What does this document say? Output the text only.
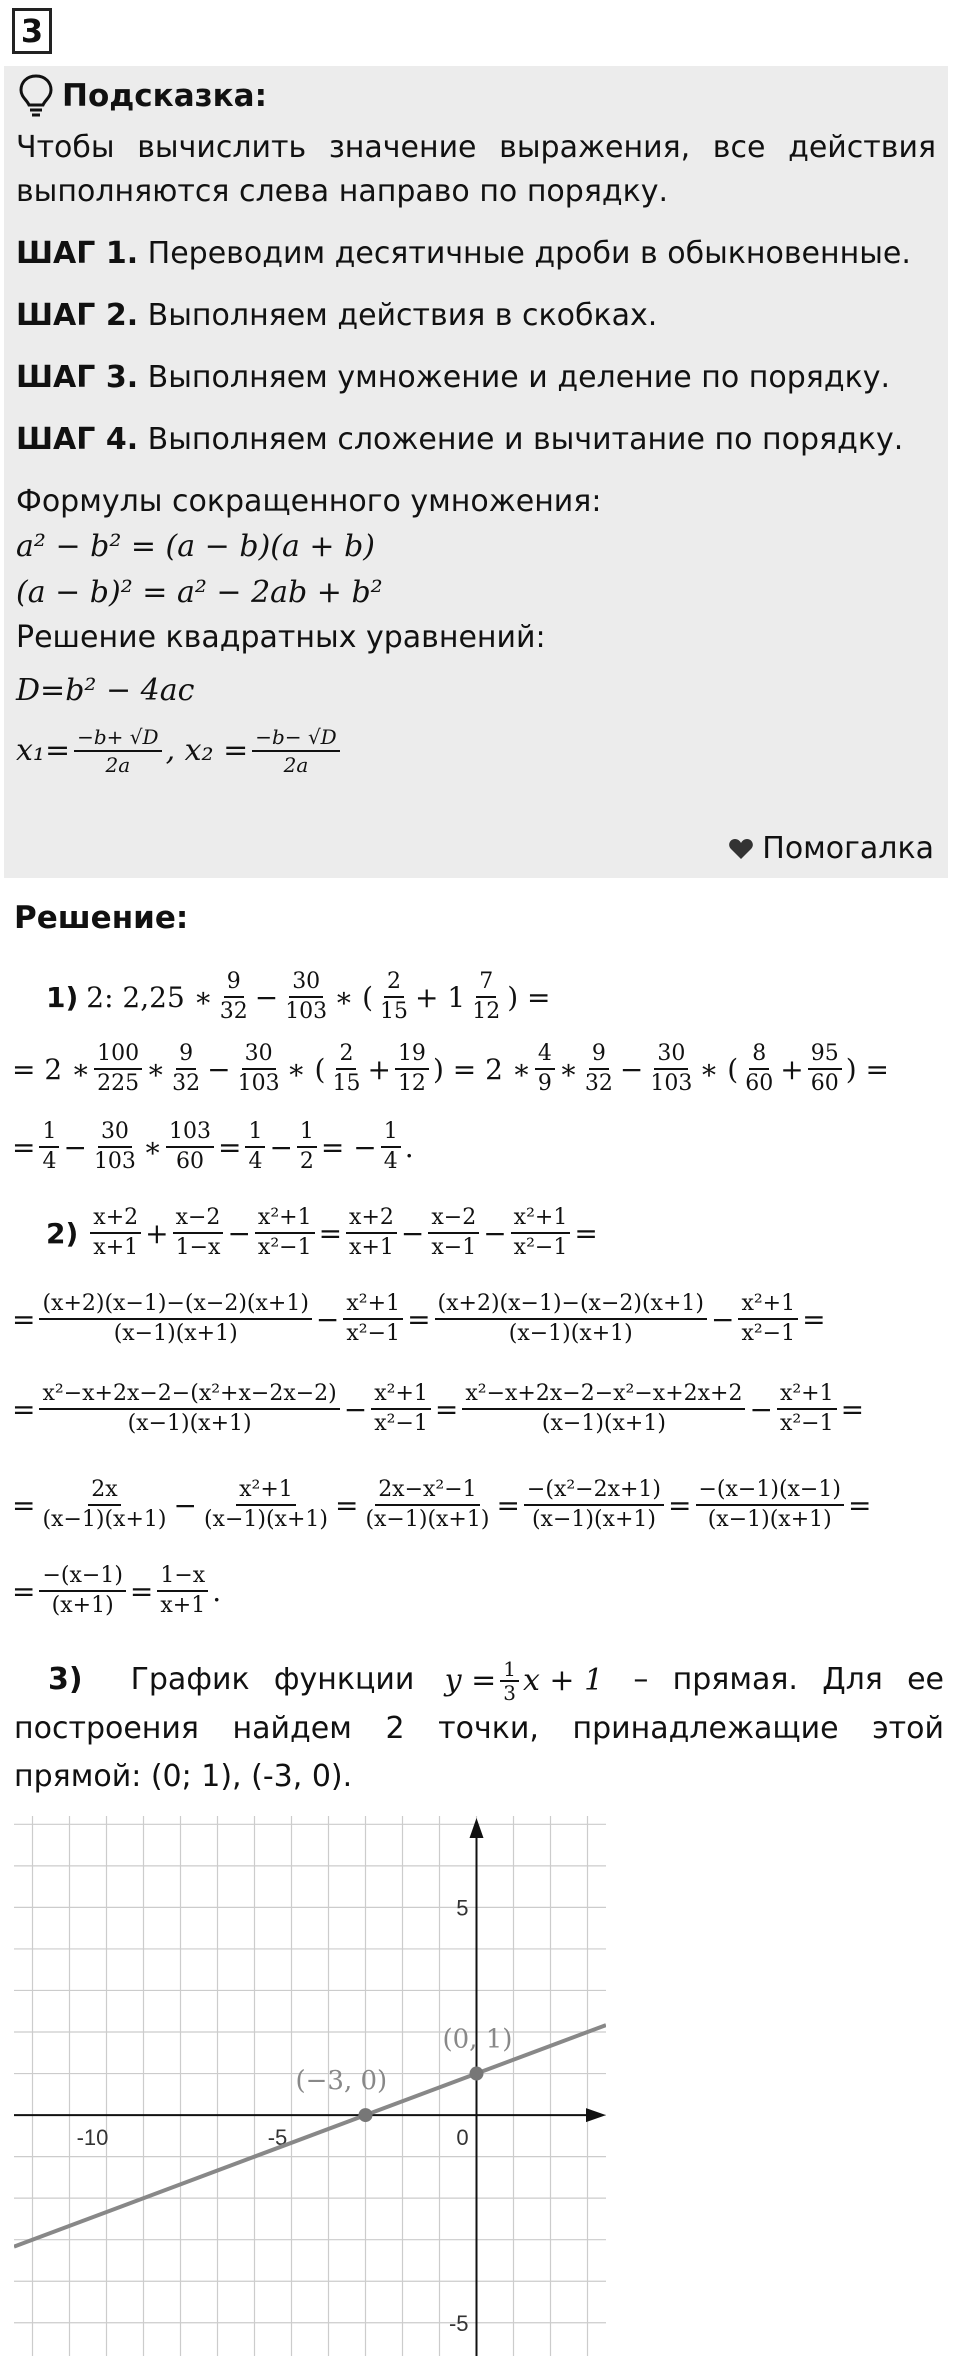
3
Подсказка:

Чтобы вычислить значение выражения, все действия выполняются слева направо по порядку.

ШАГ 1. Переводим десятичные дроби в обыкновенные.

ШАГ 2. Выполняем действия в скобках.

ШАГ 3. Выполняем умножение и деление по порядку.

ШАГ 4. Выполняем сложение и вычитание по порядку.

Формулы сокращенного умножения:

a² − b² = (a − b)(a + b)
(a − b)² = a² − 2ab + b²

Решение квадратных уравнений:

D=b² − 4ac
$x_1= \frac{-b+ √D}{2a}$ , $x_2 = \frac{-b- √D}{2a}$
Помогалка
Решение:
1) 2: 2,25 ∗ $\frac{9}{32} - \frac{30}{103}$ ∗ ( $\frac{2}{15} + 1 \frac{7}{12}$ ) =
= 2 ∗ $\frac{100}{225}$ ∗ $\frac{9}{32} - \frac{30}{103}$ ∗ ( $\frac{2}{15} + \frac{19}{12}$ ) = 2 ∗ $\frac{4}{9}$ ∗ $\frac{9}{32} - \frac{30}{103}$ ∗ ( $\frac{8}{60} + \frac{95}{60}$ ) =
= $\frac{1}{4} - \frac{30}{103}$ ∗ $\frac{103}{60} = \frac{1}{4} - \frac{1}{2}$ = − $\frac{1}{4}$ .
$2) \frac{x+2}{x+1} + \frac{x-2}{1-x} - \frac{\text{x²+1}}{\text{x²−1}} = \frac{x+2}{x+1} - \frac{x-2}{x-1} - \frac{\text{x²+1}}{\text{x²−1}}$ =
= $\frac{(x+2)(x-1)-(x-2)(x+1)}{(x-1)(x+1)} - \frac{\text{x²+1}}{\text{x²−1}} = \frac{(x+2)(x-1)-(x-2)(x+1)}{(x-1)(x+1)} - \frac{\text{x²+1}}{\text{x²−1}}$ =
= $\frac{\text{x²−x+2x−2−(x²+x−2x−2)}}{(x-1)(x+1)} - \frac{\text{x²+1}}{\text{x²−1}} = \frac{\text{x²−x+2x−2−x²−x+2x+2}}{(x-1)(x+1)} - \frac{\text{x²+1}}{\text{x²−1}}$ =
= $\frac{2x}{(x-1)(x+1)} - \frac{\text{x²+1}}{(x-1)(x+1)} = \frac{\text{2x−x²−1}}{(x-1)(x+1)} = \frac{\text{−(x²−2x+1)}}{(x-1)(x+1)} = \frac{-(x-1)(x-1)}{(x-1)(x+1)}$ =
= $\frac{-(x-1)}{(x+1)} = \frac{1-x}{x+1}$ .
3) График функции $y = \frac{1}{3}$ x + 1 – прямая. Для ее построения найдем 2 точки, принадлежащие этой прямой: (0; 1), (-3, 0).
-10	-5	0
5
-5
(0, 1)
(−3, 0)
